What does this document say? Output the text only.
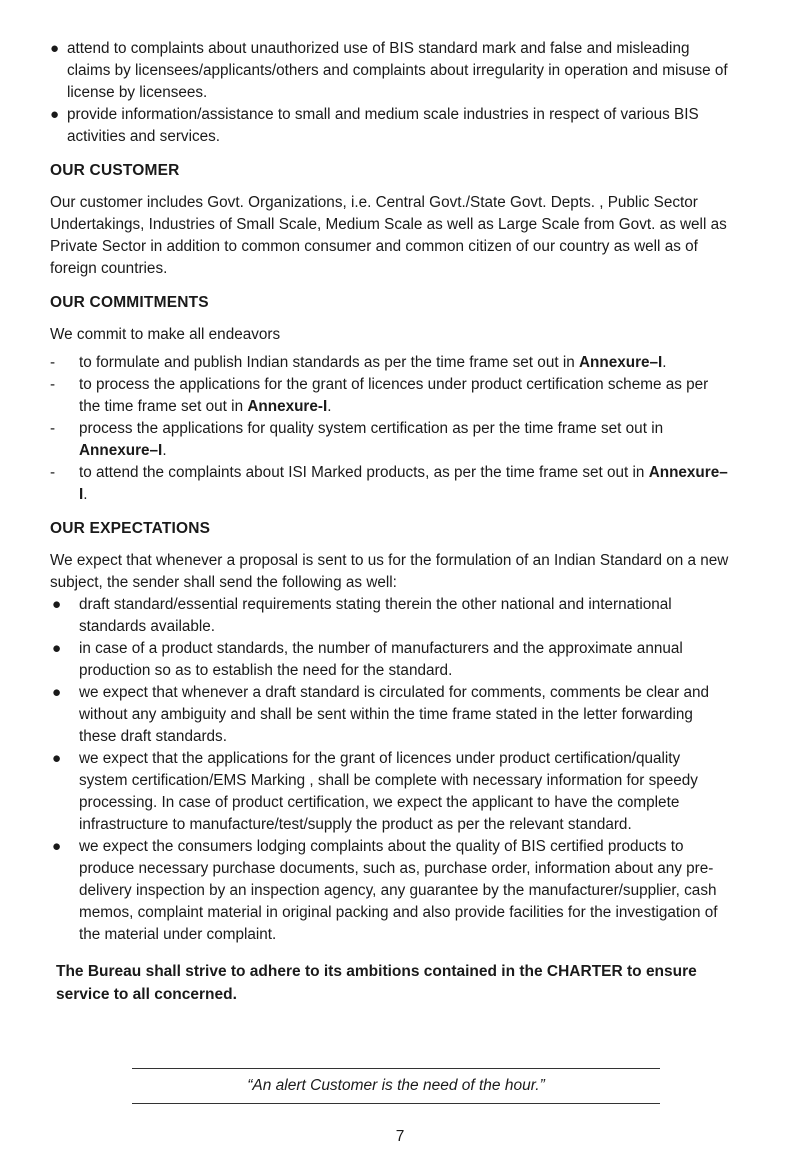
● attend to complaints about unauthorized use of BIS standard mark and false and misleading claims by licensees/applicants/others and complaints about irregularity in operation and misuse of license by licensees.
● provide information/assistance to small and medium scale industries in respect of various BIS activities and services.
OUR CUSTOMER

Our customer includes Govt. Organizations, i.e. Central Govt./State Govt. Depts. , Public Sector Undertakings, Industries of Small Scale, Medium Scale as well as Large Scale from Govt. as well as Private Sector in addition to common consumer and common citizen of our country as well as of foreign countries.

OUR COMMITMENTS

We commit to make all endeavors

- to formulate and publish Indian standards as per the time frame set out in Annexure–I.
- to process the applications for the grant of licences under product certification scheme as per the time frame set out in Annexure-I.
- process the applications for quality system certification as per the time frame set out in Annexure–I.
- to attend the complaints about ISI Marked products, as per the time frame set out in Annexure–I.
OUR EXPECTATIONS

We expect that whenever a proposal is sent to us for the formulation of an Indian Standard on a new subject, the sender shall send the following as well:

● draft standard/essential requirements stating therein the other national and international standards available.
● in case of a product standards, the number of manufacturers and the approximate annual production so as to establish the need for the standard.
● we expect that whenever a draft standard is circulated for comments, comments be clear and without any ambiguity and shall be sent within the time frame stated in the letter forwarding these draft standards.
● we expect that the applications for the grant of licences under product certification/quality system certification/EMS Marking , shall be complete with necessary information for speedy processing. In case of product certification, we expect the applicant to have the complete infrastructure to manufacture/test/supply the product as per the relevant standard.
● we expect the consumers lodging complaints about the quality of BIS certified products to produce necessary purchase documents, such as, purchase order, information about any pre-delivery inspection by an inspection agency, any guarantee by the manufacturer/supplier, cash memos, complaint material in original packing and also provide facilities for the investigation of the material under complaint.
The Bureau shall strive to adhere to its ambitions contained in the CHARTER to ensure service to all concerned.
“An alert Customer is the need of the hour.”
7
